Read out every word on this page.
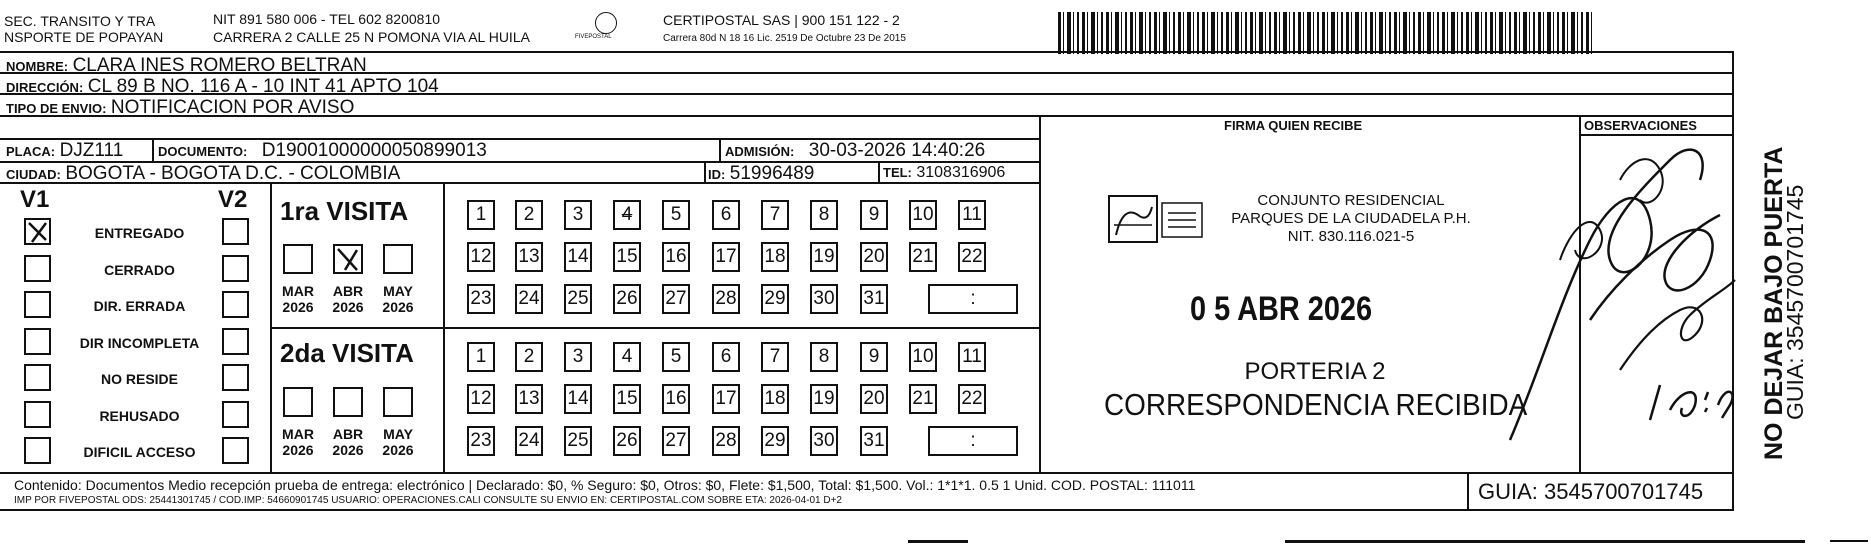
SEC. TRANSITO Y TRA
NSPORTE DE POPAYAN
NIT 891 580 006 - TEL 602 8200810
CARRERA 2 CALLE 25 N POMONA VIA AL HUILA	FIVEPOSTAL
CERTIPOSTAL SAS | 900 151 122 - 2
Carrera 80d N 18 16 Lic. 2519 De Octubre 23 De 2015
NOMBRE: CLARA INES ROMERO BELTRAN
DIRECCIÓN: CL 89 B NO. 116 A - 10 INT 41 APTO 104
TIPO DE ENVIO: NOTIFICACION POR AVISO
PLACA: DJZ111	DOCUMENTO: D19001000000050899013	ADMISIÓN: 30-03-2026 14:40:26
CIUDAD: BOGOTA - BOGOTA D.C. - COLOMBIA	ID: 51996489	TEL: 3108316906
FIRMA QUIEN RECIBE	OBSERVACIONES
V1	V2
ENTREGADO
CERRADO
DIR. ERRADA
DIR INCOMPLETA
NO RESIDE
REHUSADO
DIFICIL ACCESO
1ra VISITA
2da VISITA
MAR
2026
ABR
2026
MAY
2026
MAR
2026
ABR
2026
MAY
2026
1	2	3	4	5	6	7	8	9	10 11
12 13 14 15 16 17 18 19 20 21 22
23 24 25 26 27 28 29 30 31	:
1	2	3	4	5	6	7	8	9	10 11
12 13 14 15 16 17 18 19 20 21 22
23 24 25 26 27 28 29 30 31	:
CONJUNTO RESIDENCIAL
PARQUES DE LA CIUDADELA P.H.
NIT. 830.116.021-5
0 5 ABR 2026
PORTERIA 2
CORRESPONDENCIA RECIBIDA	NO DEJAR BAJO PUERTA
GUIA: 3545700701745
Contenido: Documentos Medio recepción prueba de entrega: electrónico | Declarado: $0, % Seguro: $0, Otros: $0, Flete: $1,500, Total: $1,500. Vol.: 1*1*1. 0.5 1 Unid. COD. POSTAL: 111011
IMP POR FIVEPOSTAL ODS: 25441301745 / COD.IMP: 54660901745 USUARIO: OPERACIONES.CALI CONSULTE SU ENVIO EN: CERTIPOSTAL.COM SOBRE ETA: 2026-04-01 D+2	GUIA: 3545700701745
